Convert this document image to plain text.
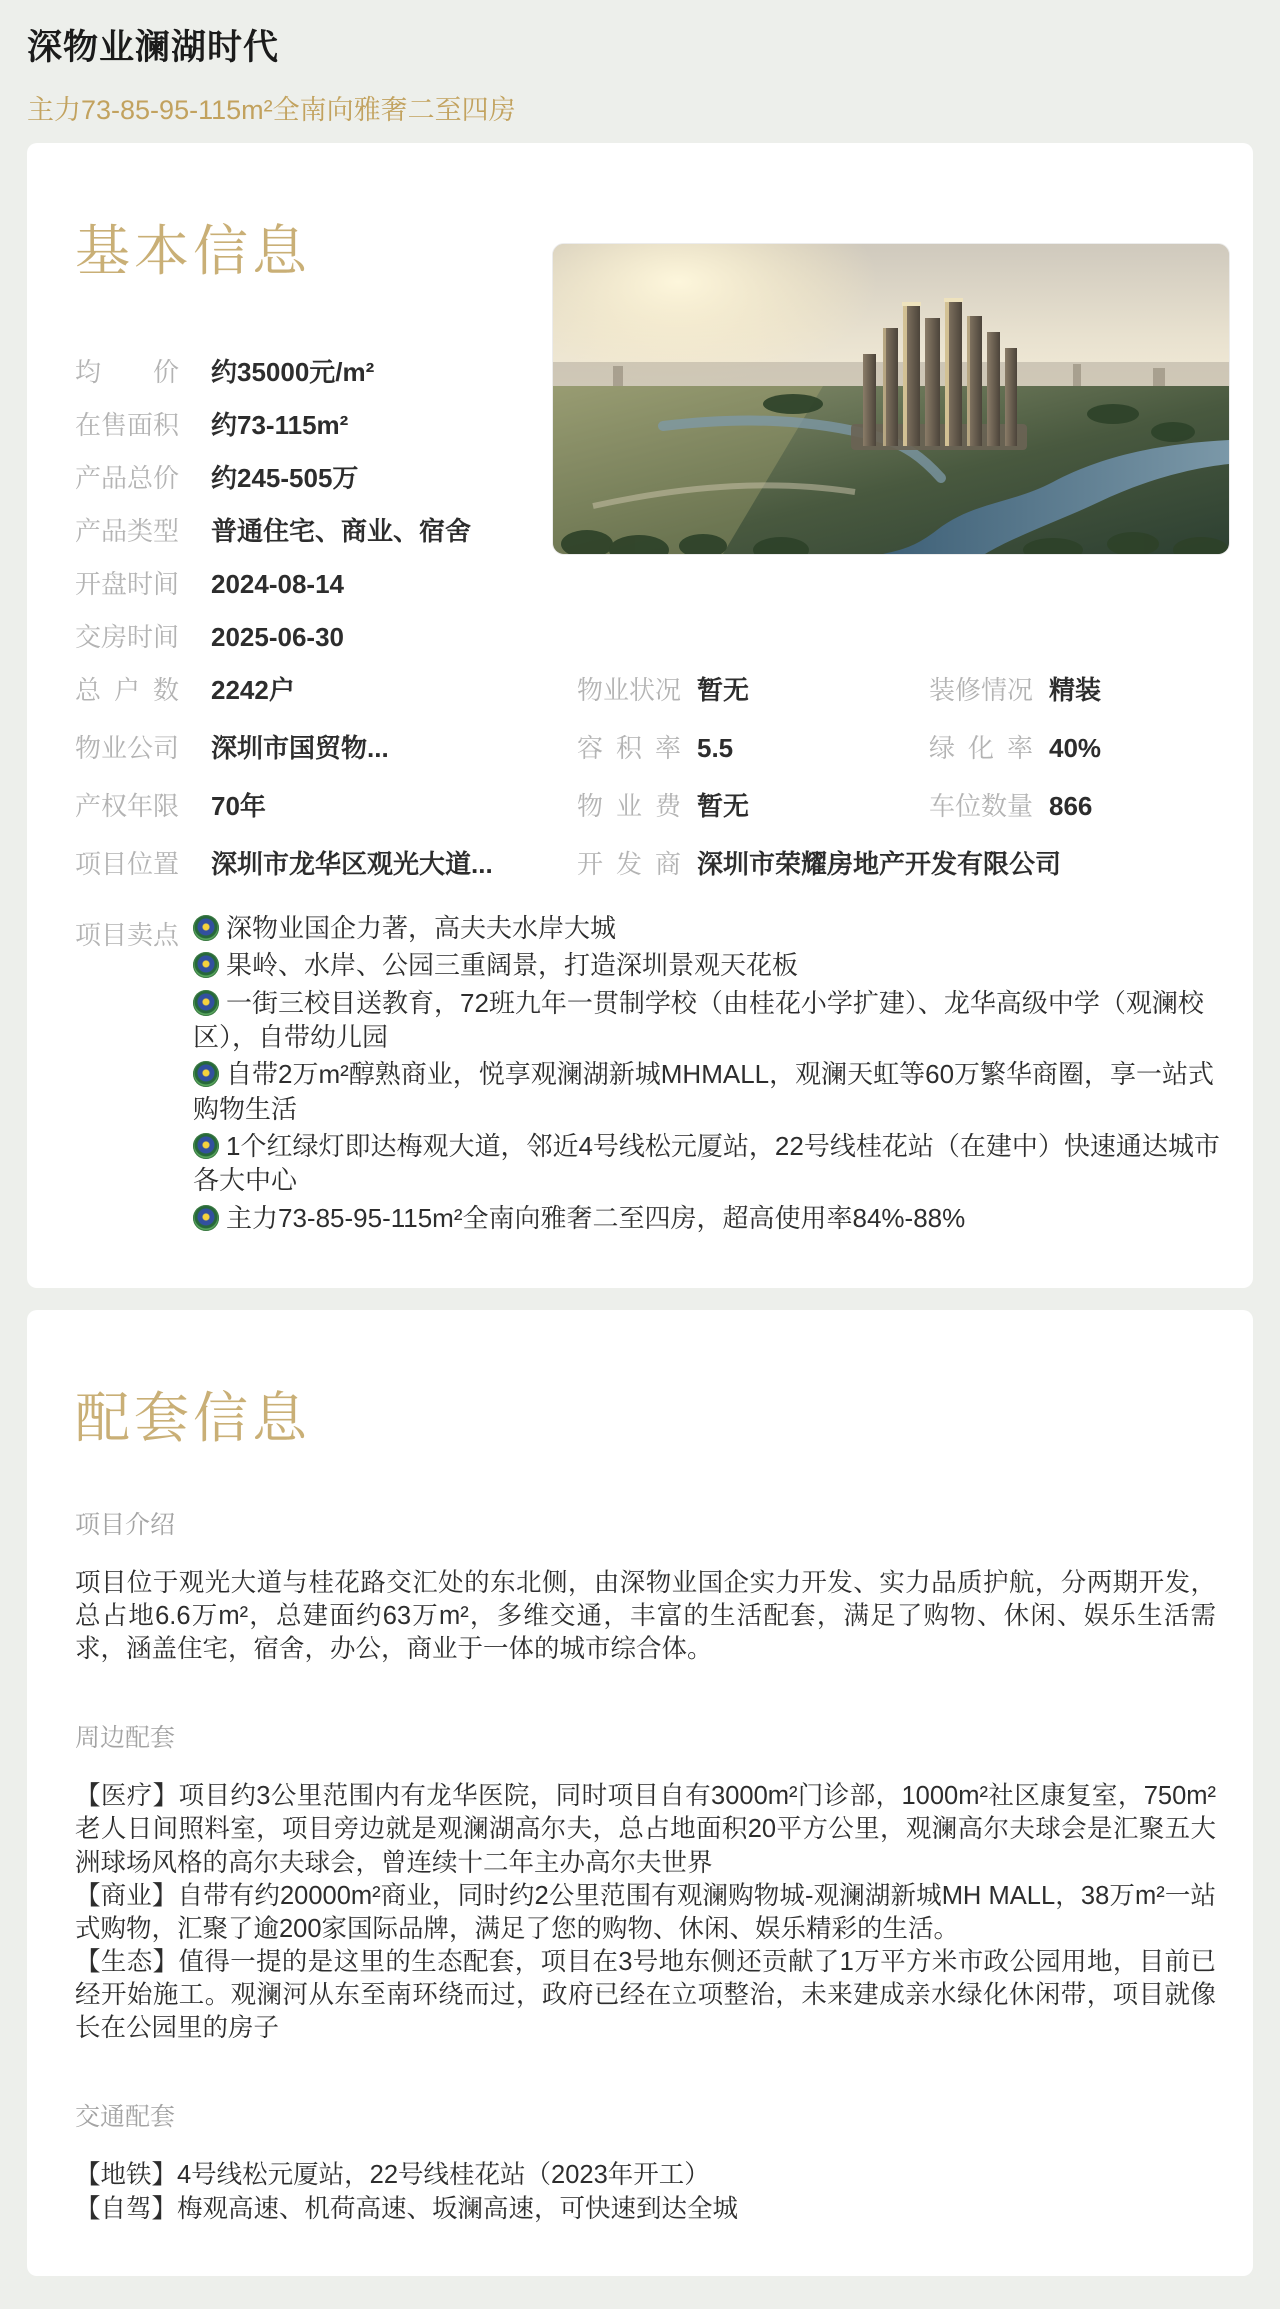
深物业澜湖时代

主力73-85-95-115m²全南向雅奢二至四房

基本信息
均价 约35000元/m²
在售面积 约73-115m²
产品总价 约245-505万
产品类型 普通住宅、商业、宿舍
开盘时间 2024-08-14
交房时间 2025-06-30
总户数 2242户	物业状况 暂无	装修情况 精装
物业公司 深圳市国贸物...	容积率 5.5	绿化率 40%
产权年限 70年	物业费 暂无	车位数量 866
项目位置 深圳市龙华区观光大道...	开发商 深圳市荣耀房地产开发有限公司
项目卖点	深物业国企力著，高夫夫水岸大城
果岭、水岸、公园三重阔景，打造深圳景观天花板
一街三校目送教育，72班九年一贯制学校（由桂花小学扩建）、龙华高级中学（观澜校区），自带幼儿园
自带2万m²醇熟商业，悦享观澜湖新城MHMALL，观澜天虹等60万繁华商圈，享一站式购物生活
1个红绿灯即达梅观大道，邻近4号线松元厦站，22号线桂花站（在建中）快速通达城市各大中心
主力73-85-95-115m²全南向雅奢二至四房，超高使用率84%-88%
配套信息
项目介绍

项目位于观光大道与桂花路交汇处的东北侧，由深物业国企实力开发、实力品质护航，分两期开发，总占地6.6万m²，总建面约63万m²，多维交通，丰富的生活配套，满足了购物、休闲、娱乐生活需求，涵盖住宅，宿舍，办公，商业于一体的城市综合体。

周边配套

【医疗】项目约3公里范围内有龙华医院，同时项目自有3000m²门诊部，1000m²社区康复室，750m²老人日间照料室，项目旁边就是观澜湖高尔夫，总占地面积20平方公里，观澜高尔夫球会是汇聚五大洲球场风格的高尔夫球会，曾连续十二年主办高尔夫世界

【商业】自带有约20000m²商业，同时约2公里范围有观澜购物城-观澜湖新城MH MALL，38万m²一站式购物，汇聚了逾200家国际品牌，满足了您的购物、休闲、娱乐精彩的生活。

【生态】值得一提的是这里的生态配套，项目在3号地东侧还贡献了1万平方米市政公园用地，目前已经开始施工。观澜河从东至南环绕而过，政府已经在立项整治，未来建成亲水绿化休闲带，项目就像长在公园里的房子

交通配套

【地铁】4号线松元厦站，22号线桂花站（2023年开工）

【自驾】梅观高速、机荷高速、坂澜高速，可快速到达全城
